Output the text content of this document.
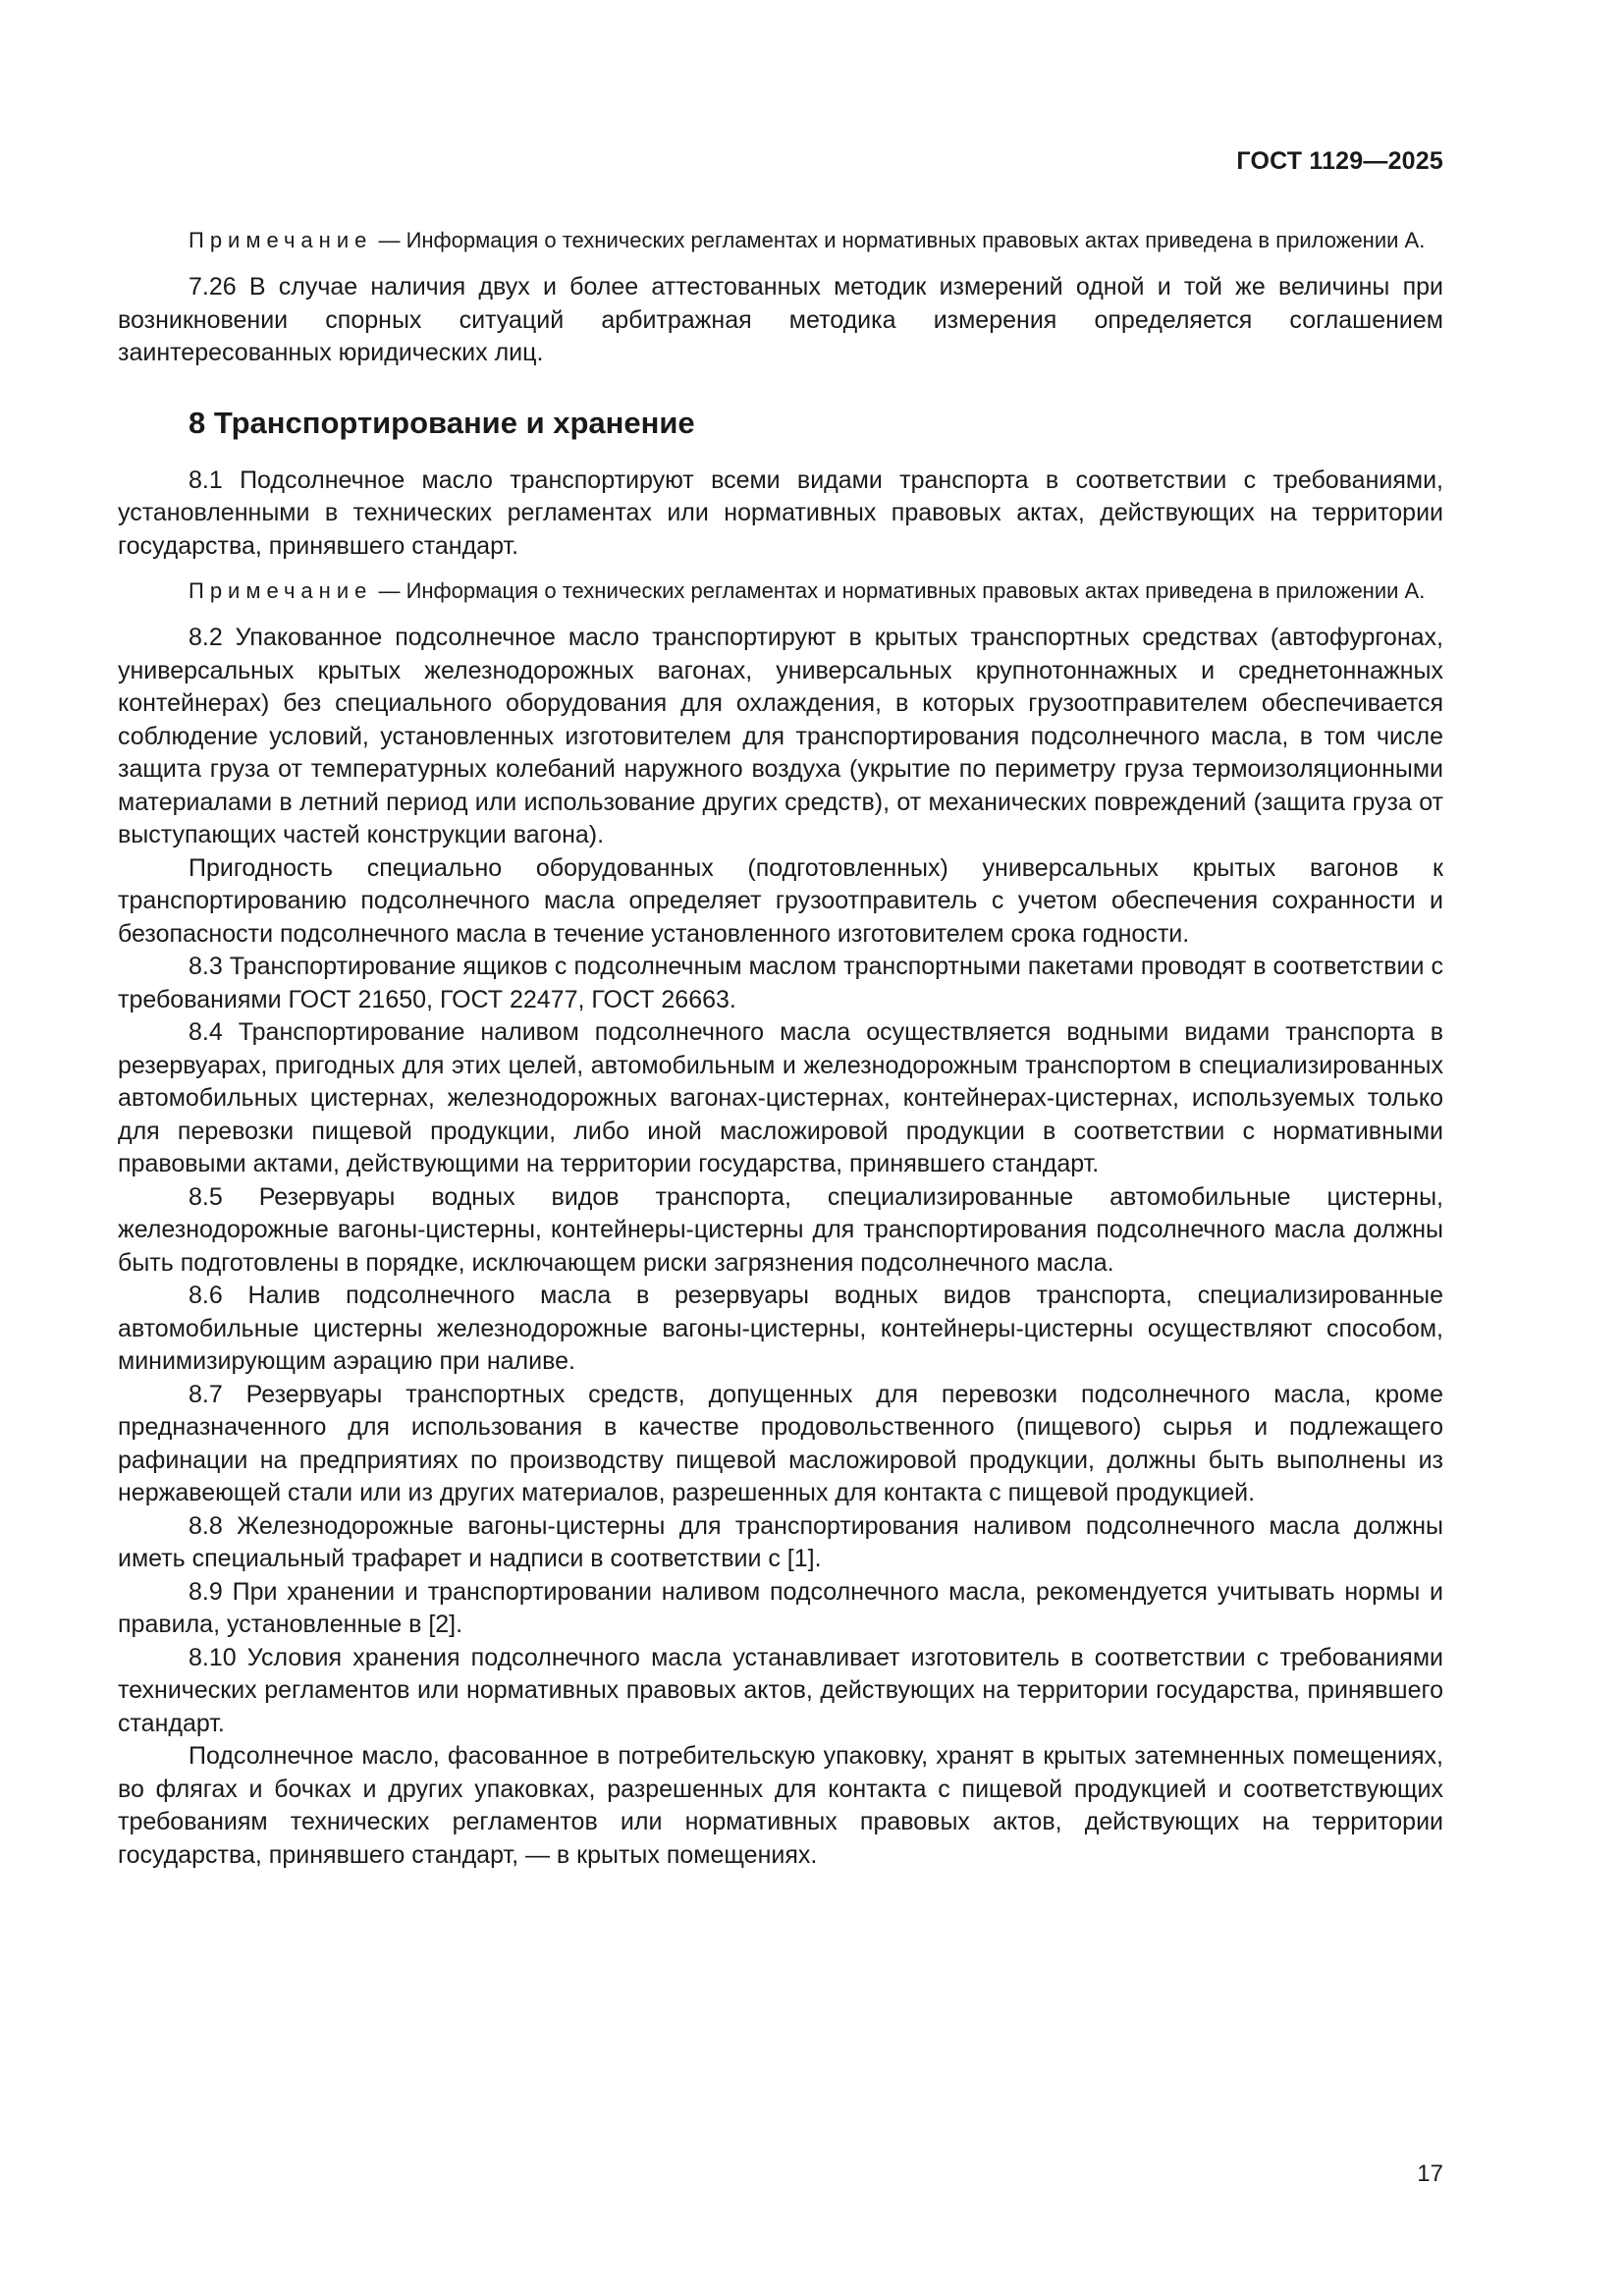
ГОСТ 1129—2025

Примечание — Информация о технических регламентах и нормативных правовых актах приведена в приложении А.

7.26 В случае наличия двух и более аттестованных методик измерений одной и той же величины при возникновении спорных ситуаций арбитражная методика измерения определяется соглашением заинтересованных юридических лиц.

8 Транспортирование и хранение

8.1 Подсолнечное масло транспортируют всеми видами транспорта в соответствии с требованиями, установленными в технических регламентах или нормативных правовых актах, действующих на территории государства, принявшего стандарт.

Примечание — Информация о технических регламентах и нормативных правовых актах приведена в приложении А.

8.2 Упакованное подсолнечное масло транспортируют в крытых транспортных средствах (автофургонах, универсальных крытых железнодорожных вагонах, универсальных крупнотоннажных и среднетоннажных контейнерах) без специального оборудования для охлаждения, в которых грузоотправителем обеспечивается соблюдение условий, установленных изготовителем для транспортирования подсолнечного масла, в том числе защита груза от температурных колебаний наружного воздуха (укрытие по периметру груза термоизоляционными материалами в летний период или использование других средств), от механических повреждений (защита груза от выступающих частей конструкции вагона).

Пригодность специально оборудованных (подготовленных) универсальных крытых вагонов к транспортированию подсолнечного масла определяет грузоотправитель с учетом обеспечения сохранности и безопасности подсолнечного масла в течение установленного изготовителем срока годности.

8.3 Транспортирование ящиков с подсолнечным маслом транспортными пакетами проводят в соответствии с требованиями ГОСТ 21650, ГОСТ 22477, ГОСТ 26663.

8.4 Транспортирование наливом подсолнечного масла осуществляется водными видами транспорта в резервуарах, пригодных для этих целей, автомобильным и железнодорожным транспортом в специализированных автомобильных цистернах, железнодорожных вагонах-цистернах, контейнерах-цистернах, используемых только для перевозки пищевой продукции, либо иной масложировой продукции в соответствии с нормативными правовыми актами, действующими на территории государства, принявшего стандарт.

8.5 Резервуары водных видов транспорта, специализированные автомобильные цистерны, железнодорожные вагоны-цистерны, контейнеры-цистерны для транспортирования подсолнечного масла должны быть подготовлены в порядке, исключающем риски загрязнения подсолнечного масла.

8.6 Налив подсолнечного масла в резервуары водных видов транспорта, специализированные автомобильные цистерны железнодорожные вагоны-цистерны, контейнеры-цистерны осуществляют способом, минимизирующим аэрацию при наливе.

8.7 Резервуары транспортных средств, допущенных для перевозки подсолнечного масла, кроме предназначенного для использования в качестве продовольственного (пищевого) сырья и подлежащего рафинации на предприятиях по производству пищевой масложировой продукции, должны быть выполнены из нержавеющей стали или из других материалов, разрешенных для контакта с пищевой продукцией.

8.8 Железнодорожные вагоны-цистерны для транспортирования наливом подсолнечного масла должны иметь специальный трафарет и надписи в соответствии с [1].

8.9 При хранении и транспортировании наливом подсолнечного масла, рекомендуется учитывать нормы и правила, установленные в [2].

8.10 Условия хранения подсолнечного масла устанавливает изготовитель в соответствии с требованиями технических регламентов или нормативных правовых актов, действующих на территории государства, принявшего стандарт.

Подсолнечное масло, фасованное в потребительскую упаковку, хранят в крытых затемненных помещениях, во флягах и бочках и других упаковках, разрешенных для контакта с пищевой продукцией и соответствующих требованиям технических регламентов или нормативных правовых актов, действующих на территории государства, принявшего стандарт, — в крытых помещениях.

17
